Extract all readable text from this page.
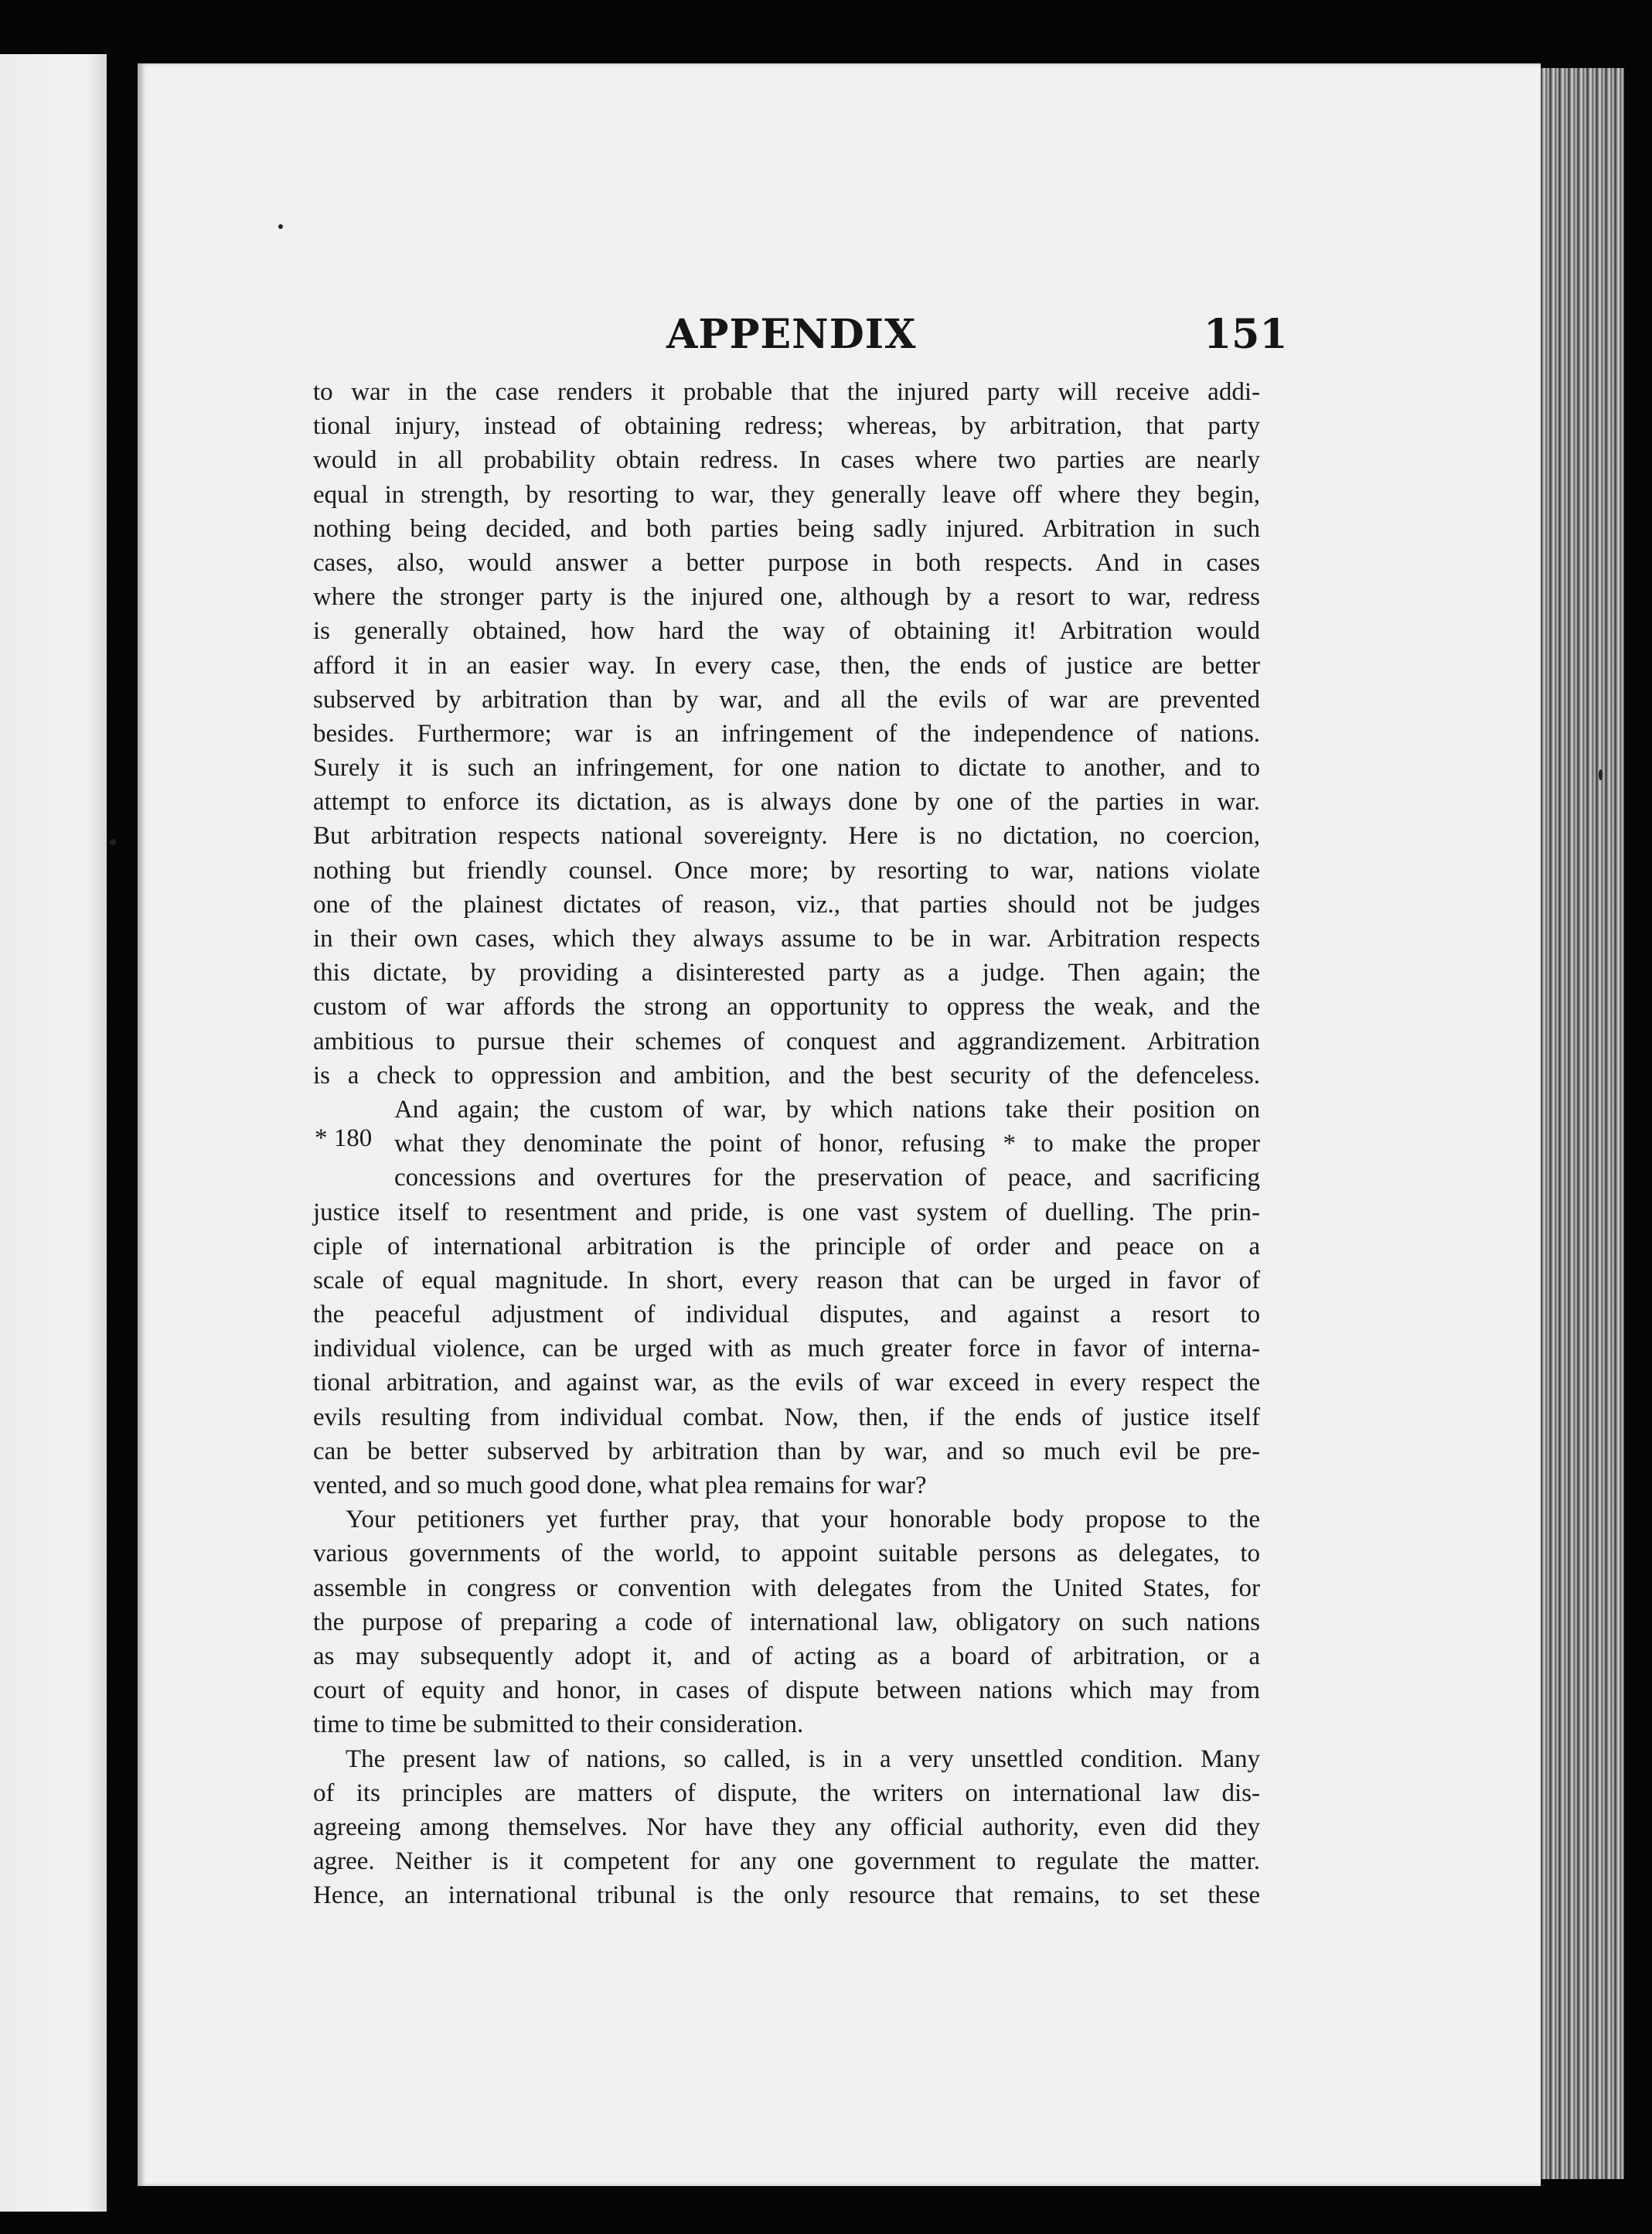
APPENDIX	151
* 180
to war in the case renders it probable that the injured party will receive addi-
tional injury, instead of obtaining redress; whereas, by arbitration, that party
would in all probability obtain redress. In cases where two parties are nearly
equal in strength, by resorting to war, they generally leave off where they begin,
nothing being decided, and both parties being sadly injured. Arbitration in such
cases, also, would answer a better purpose in both respects. And in cases
where the stronger party is the injured one, although by a resort to war, redress
is generally obtained, how hard the way of obtaining it! Arbitration would
afford it in an easier way. In every case, then, the ends of justice are better
subserved by arbitration than by war, and all the evils of war are prevented
besides. Furthermore; war is an infringement of the independence of nations.
Surely it is such an infringement, for one nation to dictate to another, and to
attempt to enforce its dictation, as is always done by one of the parties in war.
But arbitration respects national sovereignty. Here is no dictation, no coercion,
nothing but friendly counsel. Once more; by resorting to war, nations violate
one of the plainest dictates of reason, viz., that parties should not be judges
in their own cases, which they always assume to be in war. Arbitration respects
this dictate, by providing a disinterested party as a judge. Then again; the
custom of war affords the strong an opportunity to oppress the weak, and the
ambitious to pursue their schemes of conquest and aggrandizement. Arbitration
is a check to oppression and ambition, and the best security of the defenceless.
And again; the custom of war, by which nations take their position on
what they denominate the point of honor, refusing * to make the proper
concessions and overtures for the preservation of peace, and sacrificing
justice itself to resentment and pride, is one vast system of duelling. The prin-
ciple of international arbitration is the principle of order and peace on a
scale of equal magnitude. In short, every reason that can be urged in favor of
the peaceful adjustment of individual disputes, and against a resort to
individual violence, can be urged with as much greater force in favor of interna-
tional arbitration, and against war, as the evils of war exceed in every respect the
evils resulting from individual combat. Now, then, if the ends of justice itself
can be better subserved by arbitration than by war, and so much evil be pre-
vented, and so much good done, what plea remains for war?
Your petitioners yet further pray, that your honorable body propose to the
various governments of the world, to appoint suitable persons as delegates, to
assemble in congress or convention with delegates from the United States, for
the purpose of preparing a code of international law, obligatory on such nations
as may subsequently adopt it, and of acting as a board of arbitration, or a
court of equity and honor, in cases of dispute between nations which may from
time to time be submitted to their consideration.
The present law of nations, so called, is in a very unsettled condition. Many
of its principles are matters of dispute, the writers on international law dis-
agreeing among themselves. Nor have they any official authority, even did they
agree. Neither is it competent for any one government to regulate the matter.
Hence, an international tribunal is the only resource that remains, to set these
